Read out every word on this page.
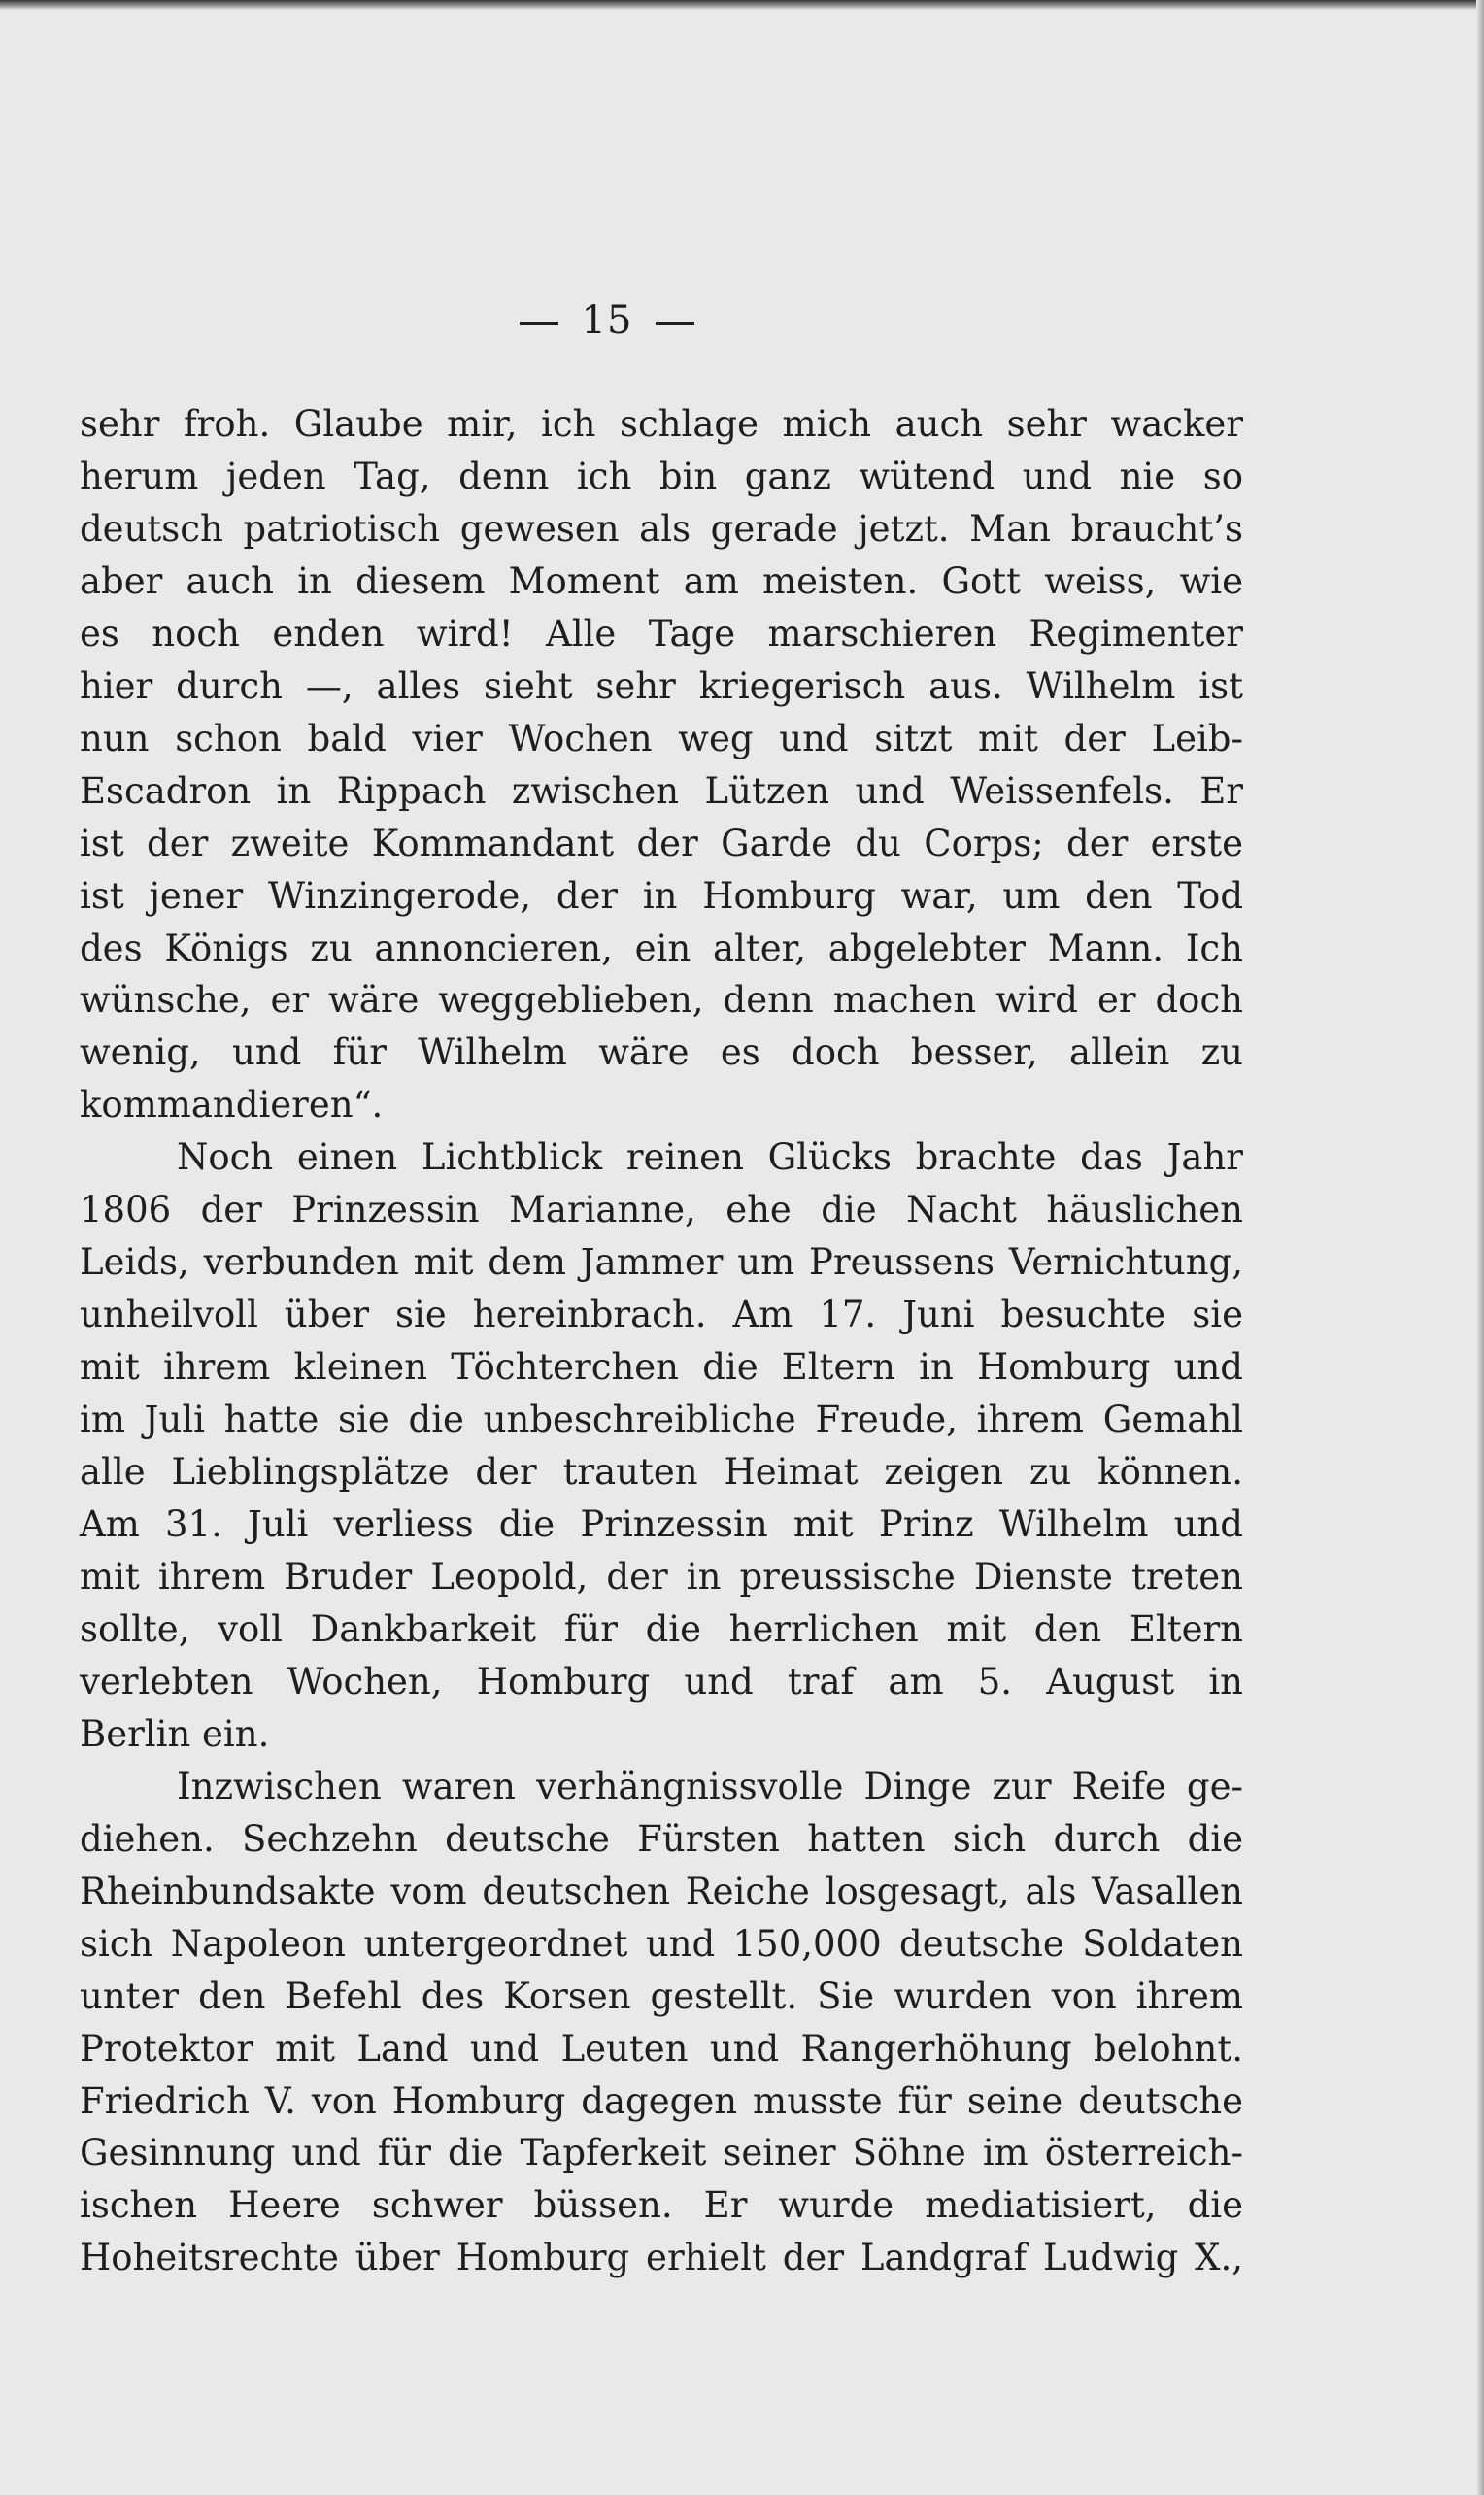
15

sehr froh. Glaube mir, ich schlage mich auch sehr wacker
herum jeden Tag, denn ich bin ganz wütend und nie so
deutsch patriotisch gewesen als gerade jetzt. Man braucht’s
aber auch in diesem Moment am meisten. Gott weiss, wie
es noch enden wird! Alle Tage marschieren Regimenter
hier durch —, alles sieht sehr kriegerisch aus. Wilhelm ist
nun schon bald vier Wochen weg und sitzt mit der Leib-
Escadron in Rippach zwischen Lützen und Weissenfels. Er
ist der zweite Kommandant der Garde du Corps; der erste
ist jener Winzingerode, der in Homburg war, um den Tod
des Königs zu annoncieren, ein alter, abgelebter Mann. Ich
wünsche, er wäre weggeblieben, denn machen wird er doch
wenig, und für Wilhelm wäre es doch besser, allein zu
kommandieren“.

Noch einen Lichtblick reinen Glücks brachte das Jahr
1806 der Prinzessin Marianne, ehe die Nacht häuslichen
Leids, verbunden mit dem Jammer um Preussens Vernichtung,
unheilvoll über sie hereinbrach. Am 17. Juni besuchte sie
mit ihrem kleinen Töchterchen die Eltern in Homburg und
im Juli hatte sie die unbeschreibliche Freude, ihrem Gemahl
alle Lieblingsplätze der trauten Heimat zeigen zu können.
Am 31. Juli verliess die Prinzessin mit Prinz Wilhelm und
mit ihrem Bruder Leopold, der in preussische Dienste treten
sollte, voll Dankbarkeit für die herrlichen mit den Eltern
verlebten Wochen, Homburg und traf am 5. August in
Berlin ein.

Inzwischen waren verhängnissvolle Dinge zur Reife ge-
diehen. Sechzehn deutsche Fürsten hatten sich durch die
Rheinbundsakte vom deutschen Reiche losgesagt, als Vasallen
sich Napoleon untergeordnet und 150,000 deutsche Soldaten
unter den Befehl des Korsen gestellt. Sie wurden von ihrem
Protektor mit Land und Leuten und Rangerhöhung belohnt.
Friedrich V. von Homburg dagegen musste für seine deutsche
Gesinnung und für die Tapferkeit seiner Söhne im österreich-
ischen Heere schwer büssen. Er wurde mediatisiert, die
Hoheitsrechte über Homburg erhielt der Landgraf Ludwig X.,
